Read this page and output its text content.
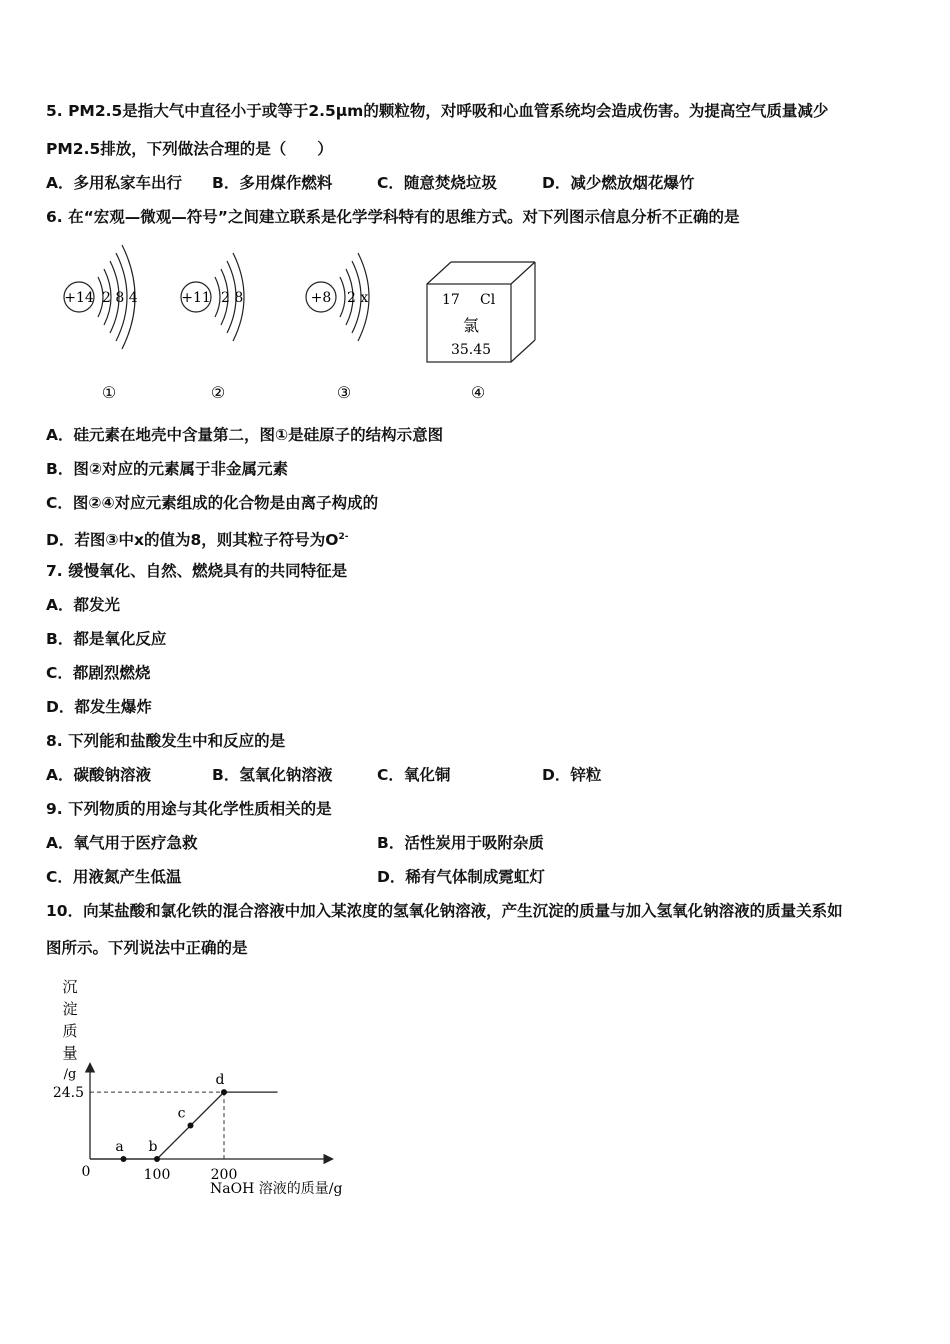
5. PM2.5是指大气中直径小于或等于2.5μm的颗粒物，对呼吸和心血管系统均会造成伤害。为提高空气质量减少
PM2.5排放，下列做法合理的是（　　）
A．多用私家车出行 B．多用煤作燃料	C．随意焚烧垃圾	D．减少燃放烟花爆竹
6. 在“宏观—微观—符号”之间建立联系是化学学科特有的思维方式。对下列图示信息分析不正确的是
+14 2 8 4
①
+11 2 8
②
+8 2 x
③
17 Cl
氯
35.45
④
A．硅元素在地壳中含量第二，图①是硅原子的结构示意图
B．图②对应的元素属于非金属元素
C．图②④对应元素组成的化合物是由离子构成的
D．若图③中x的值为8，则其粒子符号为$O^{2-}$
7. 缓慢氧化、自然、燃烧具有的共同特征是
A．都发光
B．都是氧化反应
C．都剧烈燃烧
D．都发生爆炸
8. 下列能和盐酸发生中和反应的是
A．碳酸钠溶液	B．氢氧化钠溶液	C．氧化铜	D．锌粒
9. 下列物质的用途与其化学性质相关的是
A．氧气用于医疗急救	B．活性炭用于吸附杂质
C．用液氮产生低温	D．稀有气体制成霓虹灯
10．向某盐酸和氯化铁的混合溶液中加入某浓度的氢氧化钠溶液，产生沉淀的质量与加入氢氧化钠溶液的质量关系如
图所示。下列说法中正确的是
沉
淀
质
量
/g
a b
c
d
0	100	200
24.5
NaOH 溶液的质量/g
